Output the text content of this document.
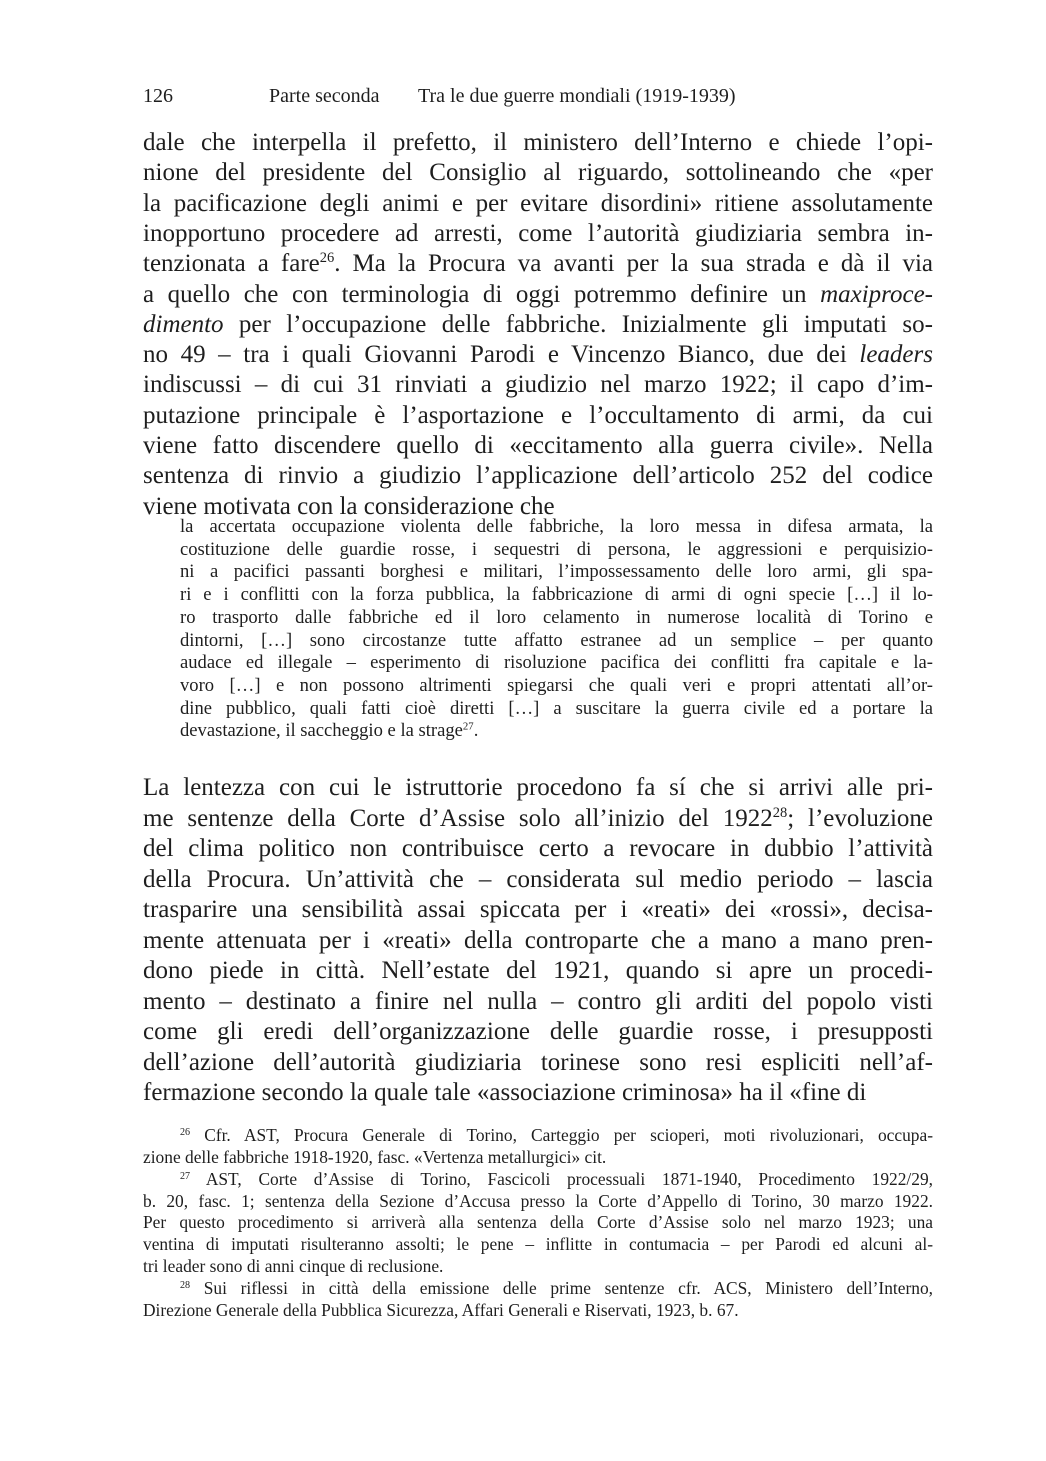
126	Parte seconda Tra le due guerre mondiali (1919-1939)
dale che interpella il prefetto, il ministero dell’Interno e chiede l’opi-
nione del presidente del Consiglio al riguardo, sottolineando che «per
la pacificazione degli animi e per evitare disordini» ritiene assolutamente
inopportuno procedere ad arresti, come l’autorità giudiziaria sembra in-
tenzionata a fare$^{26}$. Ma la Procura va avanti per la sua strada e dà il via
a quello che con terminologia di oggi potremmo definire un maxiproce-
dimento per l’occupazione delle fabbriche. Inizialmente gli imputati so-
no 49 – tra i quali Giovanni Parodi e Vincenzo Bianco, due dei leaders
indiscussi – di cui 31 rinviati a giudizio nel marzo 1922; il capo d’im-
putazione principale è l’asportazione e l’occultamento di armi, da cui
viene fatto discendere quello di «eccitamento alla guerra civile». Nella
sentenza di rinvio a giudizio l’applicazione dell’articolo 252 del codice
viene motivata con la considerazione che
la accertata occupazione violenta delle fabbriche, la loro messa in difesa armata, la
costituzione delle guardie rosse, i sequestri di persona, le aggressioni e perquisizio-
ni a pacifici passanti borghesi e militari, l’impossessamento delle loro armi, gli spa-
ri e i conflitti con la forza pubblica, la fabbricazione di armi di ogni specie […] il lo-
ro trasporto dalle fabbriche ed il loro celamento in numerose località di Torino e
dintorni, […] sono circostanze tutte affatto estranee ad un semplice – per quanto
audace ed illegale – esperimento di risoluzione pacifica dei conflitti fra capitale e la-
voro […] e non possono altrimenti spiegarsi che quali veri e propri attentati all’or-
dine pubblico, quali fatti cioè diretti […] a suscitare la guerra civile ed a portare la
devastazione, il saccheggio e la strage$^{27}$.
La lentezza con cui le istruttorie procedono fa sí che si arrivi alle pri-
me sentenze della Corte d’Assise solo all’inizio del 1922$^{28}$; l’evoluzione
del clima politico non contribuisce certo a revocare in dubbio l’attività
della Procura. Un’attività che – considerata sul medio periodo – lascia
trasparire una sensibilità assai spiccata per i «reati» dei «rossi», decisa-
mente attenuata per i «reati» della controparte che a mano a mano pren-
dono piede in città. Nell’estate del 1921, quando si apre un procedi-
mento – destinato a finire nel nulla – contro gli arditi del popolo visti
come gli eredi dell’organizzazione delle guardie rosse, i presupposti
dell’azione dell’autorità giudiziaria torinese sono resi espliciti nell’af-
fermazione secondo la quale tale «associazione criminosa» ha il «fine di
$^{26}$ Cfr. AST, Procura Generale di Torino, Carteggio per scioperi, moti rivoluzionari, occupa-
zione delle fabbriche 1918-1920, fasc. «Vertenza metallurgici» cit.
$^{27}$ AST, Corte d’Assise di Torino, Fascicoli processuali 1871-1940, Procedimento 1922/29,
b. 20, fasc. 1; sentenza della Sezione d’Accusa presso la Corte d’Appello di Torino, 30 marzo 1922.
Per questo procedimento si arriverà alla sentenza della Corte d’Assise solo nel marzo 1923; una
ventina di imputati risulteranno assolti; le pene – inflitte in contumacia – per Parodi ed alcuni al-
tri leader sono di anni cinque di reclusione.
$^{28}$ Sui riflessi in città della emissione delle prime sentenze cfr. ACS, Ministero dell’Interno,
Direzione Generale della Pubblica Sicurezza, Affari Generali e Riservati, 1923, b. 67.
